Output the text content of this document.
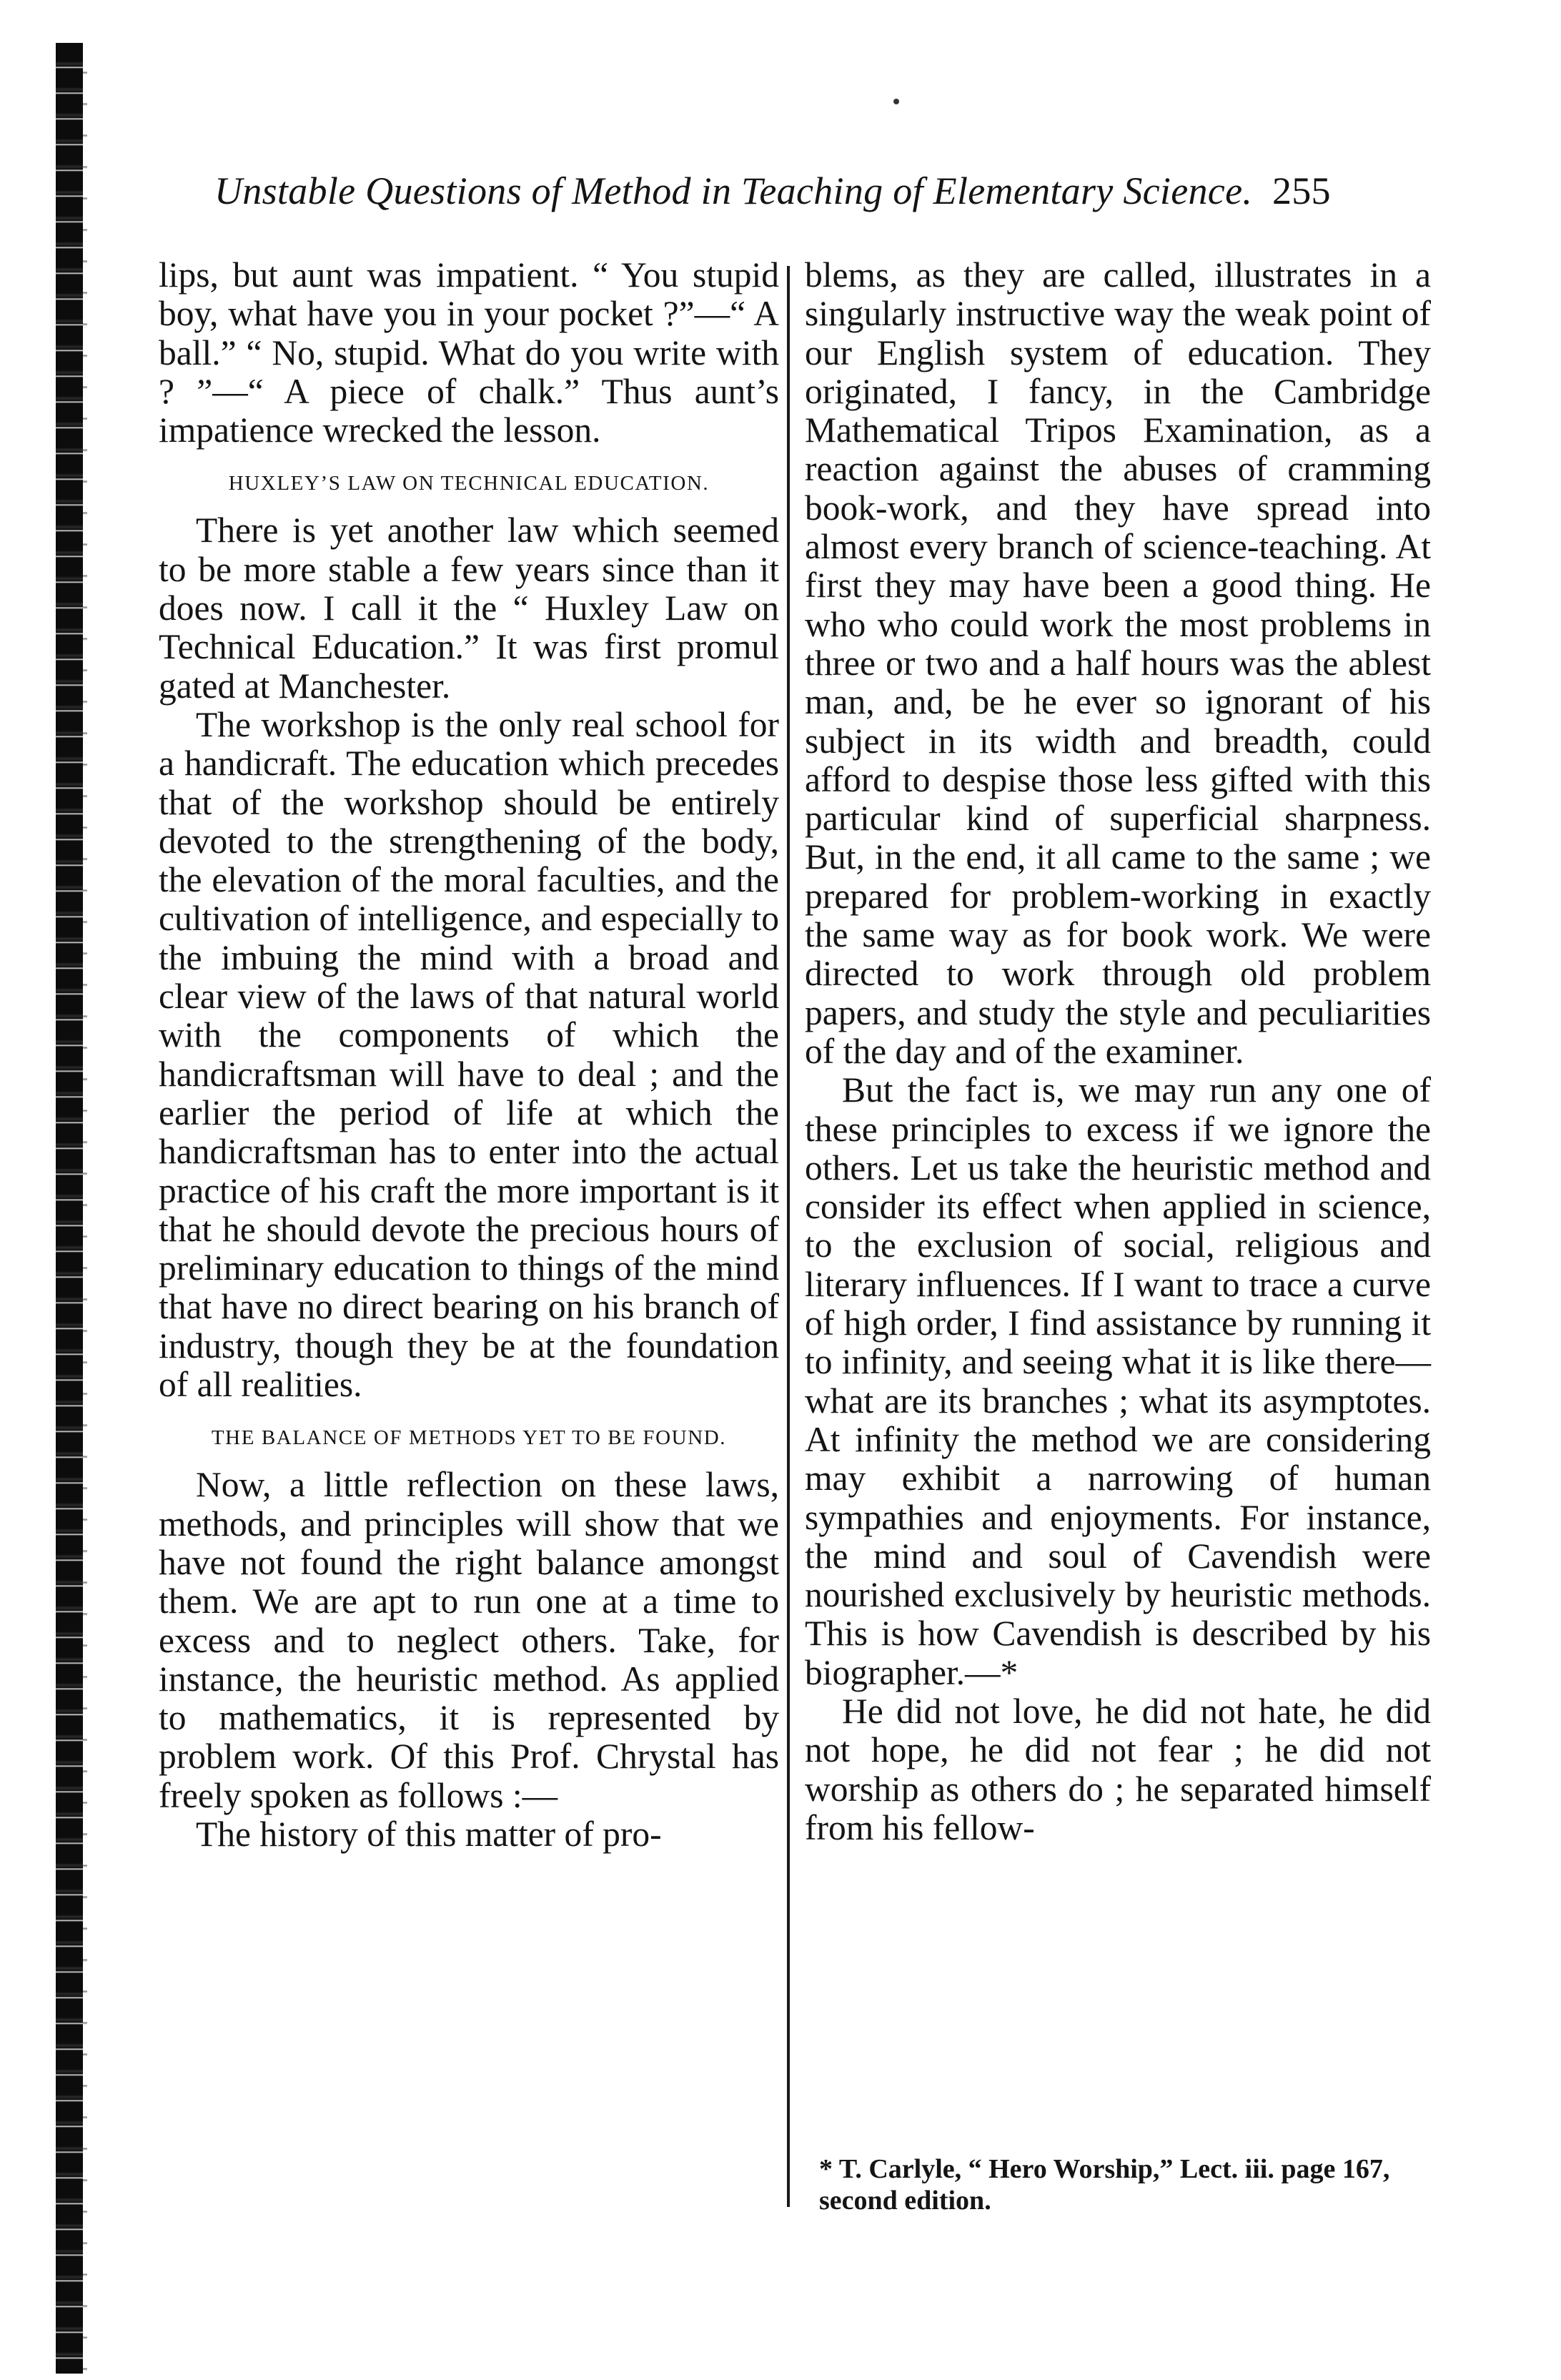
Unstable Questions of Method in Teaching of Elementary Science. 255

lips, but aunt was impatient. “ You stupid boy, what have you in your pocket ?”—“ A ball.” “ No, stupid. What do you write with ? ”—“ A piece of chalk.” Thus aunt’s impatience wrecked the lesson.

HUXLEY’S LAW ON TECHNICAL EDUCATION.

There is yet another law which seemed to be more stable a few years since than it does now. I call it the “ Huxley Law on Technical Education.” It was first promul gated at Manchester.

The workshop is the only real school for a handicraft. The education which precedes that of the workshop should be entirely devoted to the strengthening of the body, the elevation of the moral faculties, and the cultivation of intelligence, and especially to the imbuing the mind with a broad and clear view of the laws of that natural world with the components of which the handicraftsman will have to deal ; and the earlier the period of life at which the handicraftsman has to enter into the actual practice of his craft the more important is it that he should devote the precious hours of preliminary education to things of the mind that have no direct bearing on his branch of industry, though they be at the foundation of all realities.

THE BALANCE OF METHODS YET TO BE FOUND.

Now, a little reflection on these laws, methods, and principles will show that we have not found the right balance amongst them. We are apt to run one at a time to excess and to neglect others. Take, for instance, the heuristic method. As applied to mathematics, it is represented by problem work. Of this Prof. Chrystal has freely spoken as follows :—

The history of this matter of pro-

blems, as they are called, illustrates in a singularly instructive way the weak point of our English system of education. They originated, I fancy, in the Cambridge Mathematical Tripos Examination, as a reaction against the abuses of cramming book-work, and they have spread into almost every branch of science-teaching. At first they may have been a good thing. He who who could work the most problems in three or two and a half hours was the ablest man, and, be he ever so ignorant of his subject in its width and breadth, could afford to despise those less gifted with this particular kind of superficial sharpness. But, in the end, it all came to the same ; we prepared for problem-working in exactly the same way as for book work. We were directed to work through old problem papers, and study the style and peculiarities of the day and of the examiner.

But the fact is, we may run any one of these principles to excess if we ignore the others. Let us take the heuristic method and consider its effect when applied in science, to the exclusion of social, religious and literary influences. If I want to trace a curve of high order, I find assistance by running it to infinity, and seeing what it is like there— what are its branches ; what its asymptotes. At infinity the method we are considering may exhibit a narrowing of human sympathies and enjoyments. For instance, the mind and soul of Cavendish were nourished exclusively by heuristic methods. This is how Cavendish is described by his biographer.—*

He did not love, he did not hate, he did not hope, he did not fear ; he did not worship as others do ; he separated himself from his fellow-

* T. Carlyle, “ Hero Worship,” Lect. iii. page 167, second edition.
